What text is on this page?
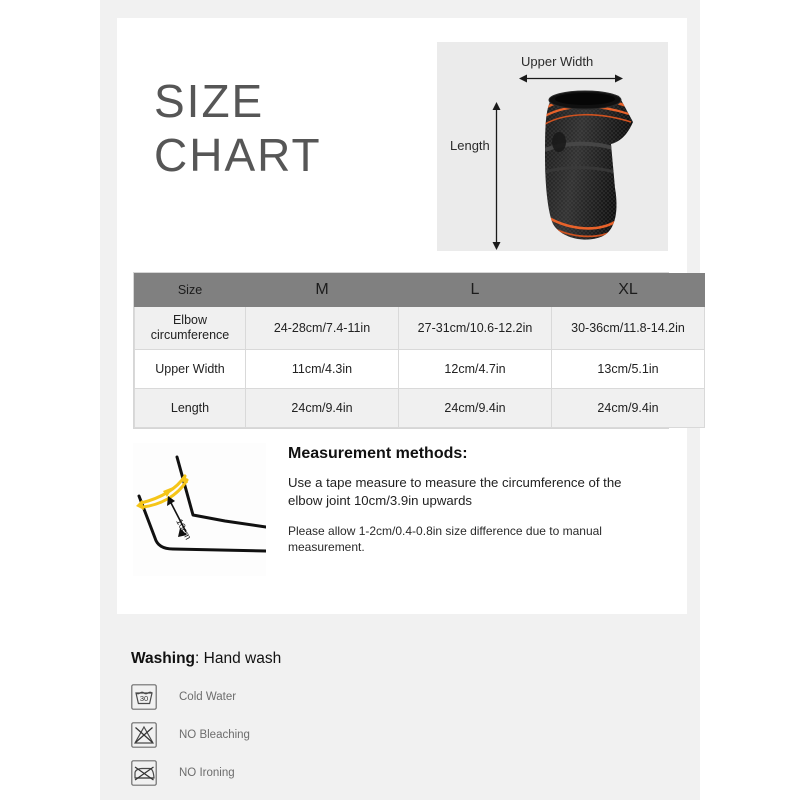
SIZE
CHART
Upper Width
Length
Size	M	L	XL
Elbow circumference	24-28cm/7.4-11in	27-31cm/10.6-12.2in	30-36cm/11.8-14.2in
Upper Width	11cm/4.3in	12cm/4.7in	13cm/5.1in
Length	24cm/9.4in	24cm/9.4in	24cm/9.4in
10cm
Measurement methods:
Use a tape measure to measure the circumference of the elbow joint 10cm/3.9in upwards
Please allow 1-2cm/0.4-0.8in size difference due to manual measurement.
Washing: Hand wash
30	Cold Water
NO Bleaching
NO Ironing
